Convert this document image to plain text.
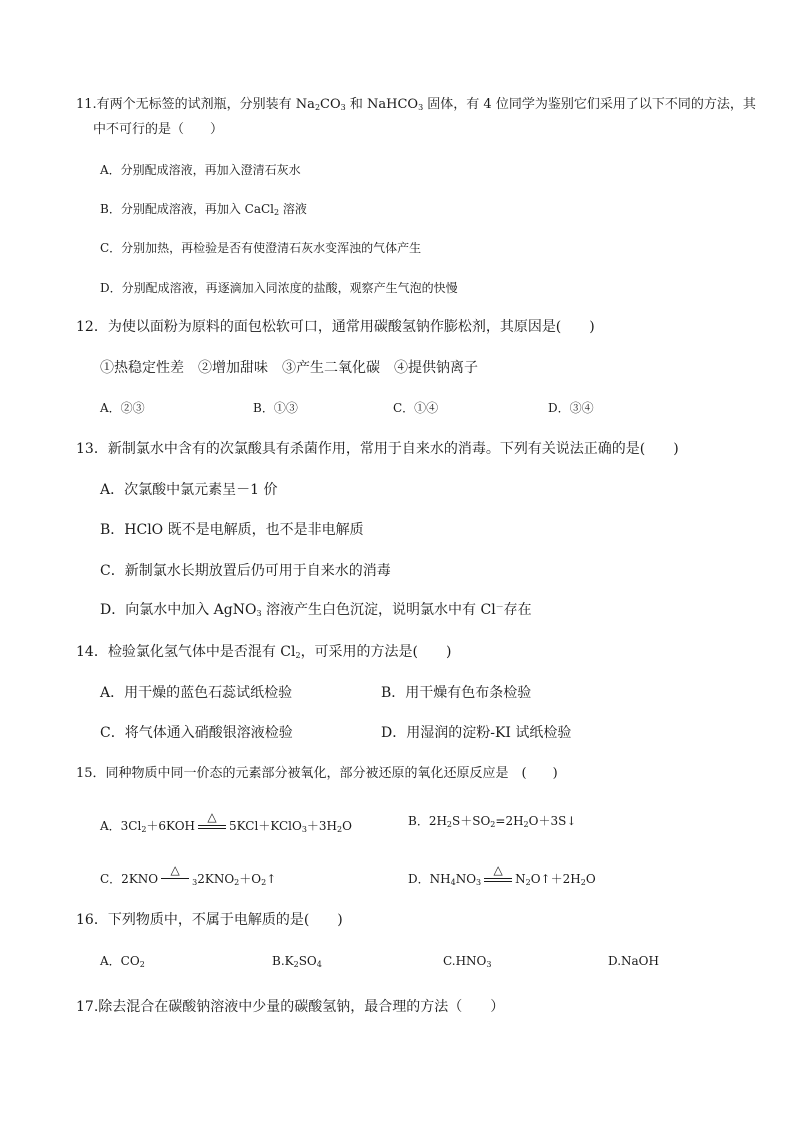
11.有两个无标签的试剂瓶，分别装有 $Na_2CO_3$ 和 NaHCO$_3$ 固体，有 4 位同学为鉴别它们采用了以下不同的方法，其
中不可行的是（　　）
A．分别配成溶液，再加入澄清石灰水
B．分别配成溶液，再加入 CaCl$_2$ 溶液
C．分别加热，再检验是否有使澄清石灰水变浑浊的气体产生
D．分别配成溶液，再逐滴加入同浓度的盐酸，观察产生气泡的快慢
12．为使以面粉为原料的面包松软可口，通常用碳酸氢钠作膨松剂，其原因是(　　)
①热稳定性差　②增加甜味　③产生二氧化碳　④提供钠离子
A．②③	B．①③	C．①④	D．③④
13．新制氯水中含有的次氯酸具有杀菌作用，常用于自来水的消毒。下列有关说法正确的是(　　)
A．次氯酸中氯元素呈－1 价
B．HClO 既不是电解质，也不是非电解质
C．新制氯水长期放置后仍可用于自来水的消毒
D．向氯水中加入 AgNO$_3$ 溶液产生白色沉淀，说明氯水中有 Cl－存在
14．检验氯化氢气体中是否混有 $Cl_2$，可采用的方法是(　　)
A．用干燥的蓝色石蕊试纸检验	B．用干燥有色布条检验
C．将气体通入硝酸银溶液检验	D．用湿润的淀粉-KI 试纸检验
15．同种物质中同一价态的元素部分被氧化，部分被还原的氧化还原反应是　(　　)
A．$3Cl_2+6KOH$
△
$5KCl+KClO_3+3H_2O$	B．$2H_2S+SO_2=2H_2O+3S↓$
C．2KNO
△
$_32KNO_2+O_2↑$	D．$NH_4NO_3$
△
$N_2O↑+2H_2O$
16．下列物质中，不属于电解质的是(　　)
A．$CO_2$	$B.K_2SO_4$	$C.HNO_3$	D.NaOH
17.除去混合在碳酸钠溶液中少量的碳酸氢钠，最合理的方法（　　）
